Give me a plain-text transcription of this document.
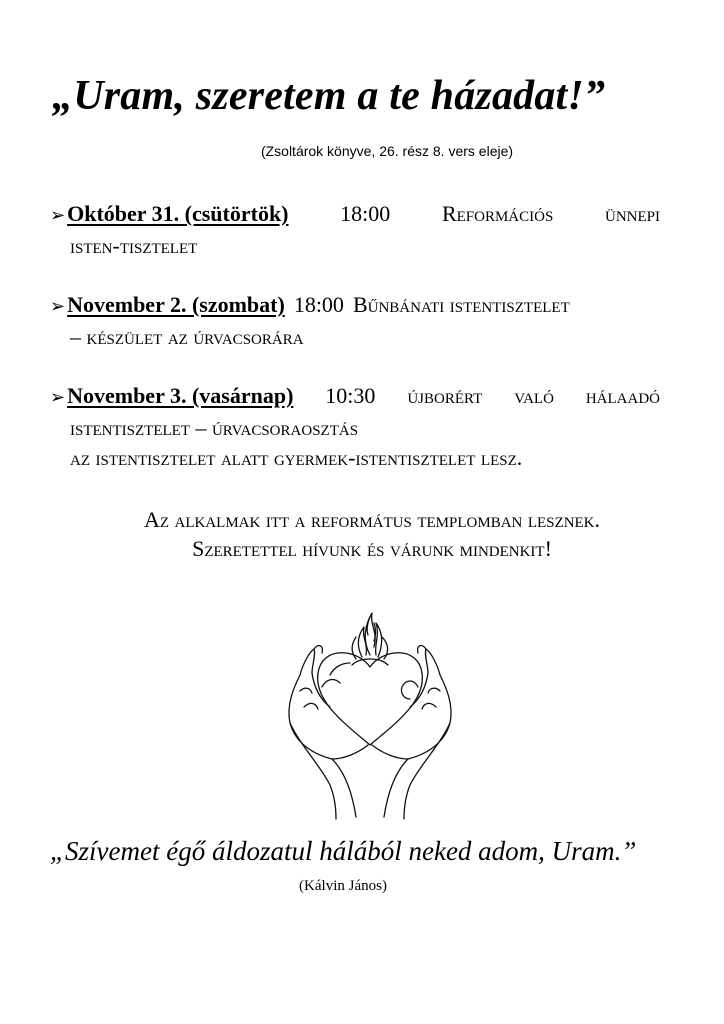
„Uram, szeretem a te házadat!”
(Zsoltárok könyve, 26. rész 8. vers eleje)
➢Október 31. (csütörtök) 18:00 Reformációs ünnepi
isten-tisztelet
➢November 2. (szombat) 18:00 Bűnbánati istentisztelet
– készület az úrvacsorára
➢November 3. (vasárnap) 10:30 újborért való hálaadó
istentisztelet – úrvacsoraosztás
az istentisztelet alatt gyermek-istentisztelet lesz.
Az alkalmak itt a református templomban lesznek.
Szeretettel hívunk és várunk mindenkit!
„Szívemet égő áldozatul hálából neked adom, Uram.”
(Kálvin János)
